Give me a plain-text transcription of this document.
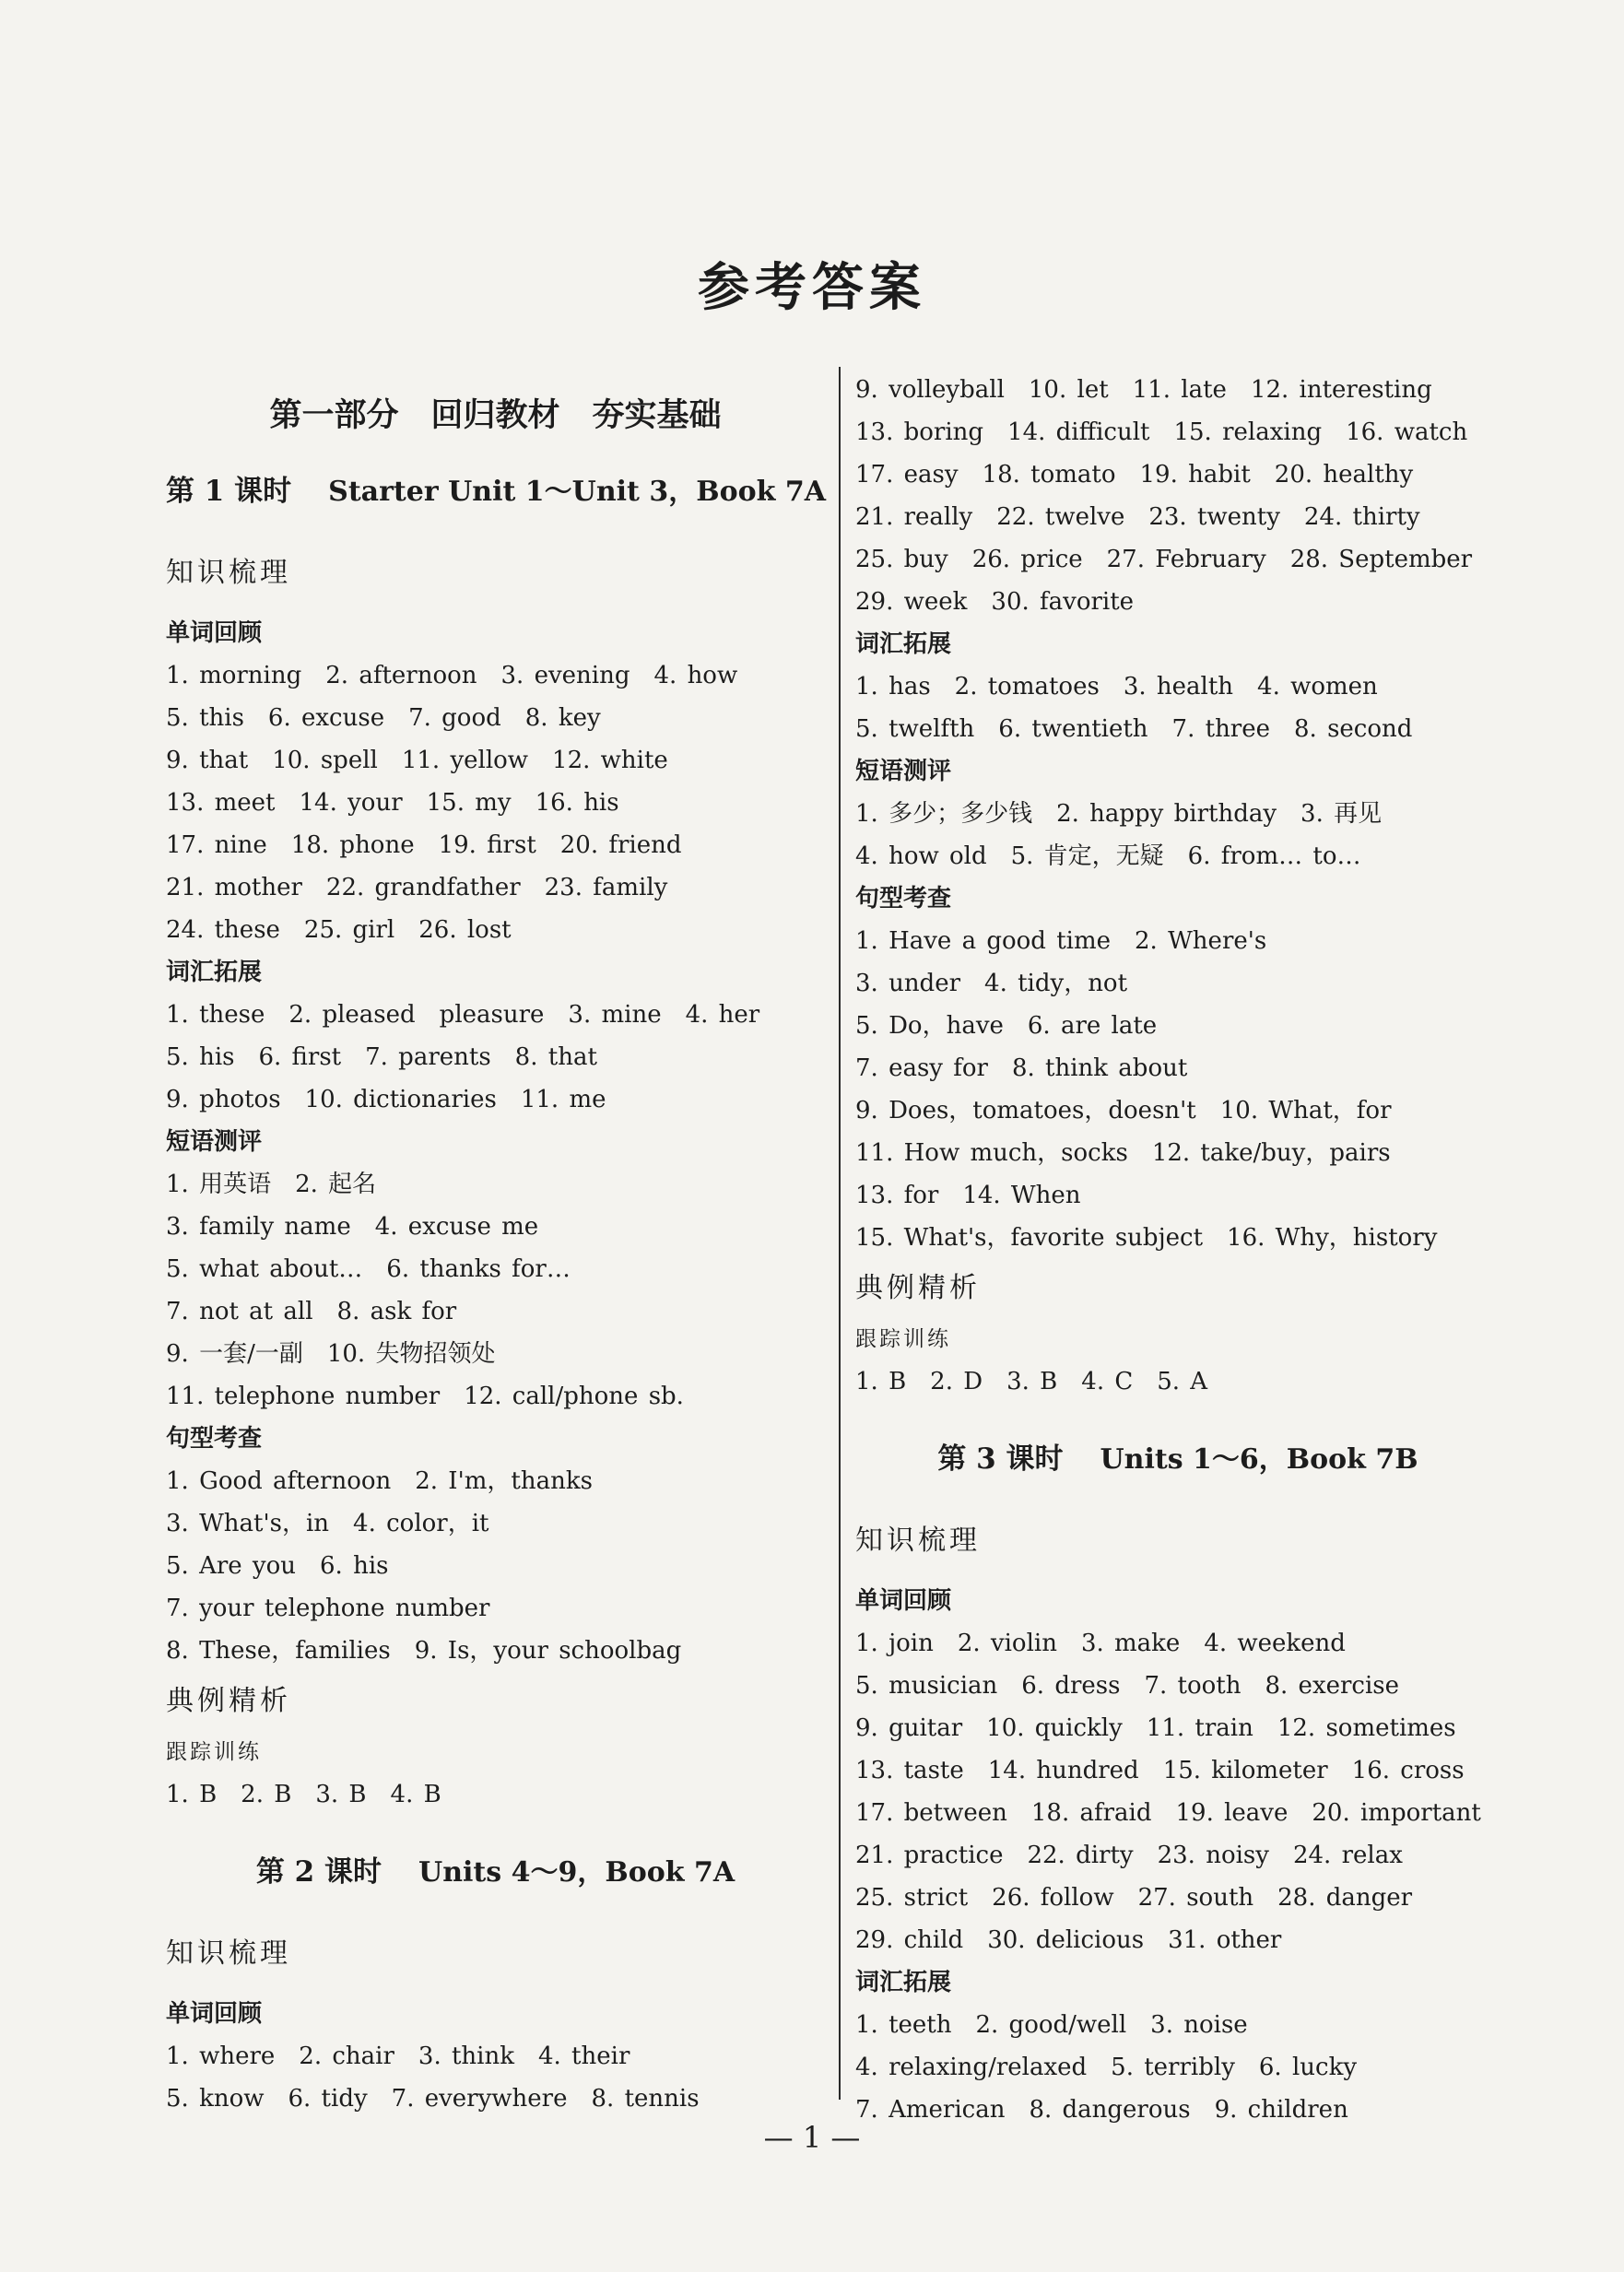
参考答案
第一部分　回归教材　夯实基础
第 1 课时 Starter Unit 1～Unit 3，Book 7A
知识梳理
单词回顾
1. morning　2. afternoon　3. evening　4. how
5. this　6. excuse　7. good　8. key
9. that　10. spell　11. yellow　12. white
13. meet　14. your　15. my　16. his
17. nine　18. phone　19. first　20. friend
21. mother　22. grandfather　23. family
24. these　25. girl　26. lost
词汇拓展
1. these　2. pleased　pleasure　3. mine　4. her
5. his　6. first　7. parents　8. that
9. photos　10. dictionaries　11. me
短语测评
1. 用英语　2. 起名
3. family name　4. excuse me
5. what about…　6. thanks for…
7. not at all　8. ask for
9. 一套/一副　10. 失物招领处
11. telephone number　12. call/phone sb.
句型考查
1. Good afternoon　2. I'm，thanks
3. What's，in　4. color，it
5. Are you　6. his
7. your telephone number
8. These，families　9. Is，your schoolbag
典例精析
跟踪训练
1. B　2. B　3. B　4. B
第 2 课时 Units 4～9，Book 7A
知识梳理
单词回顾
1. where　2. chair　3. think　4. their
5. know　6. tidy　7. everywhere　8. tennis
9. volleyball　10. let　11. late　12. interesting
13. boring　14. difficult　15. relaxing　16. watch
17. easy　18. tomato　19. habit　20. healthy
21. really　22. twelve　23. twenty　24. thirty
25. buy　26. price　27. February　28. September
29. week　30. favorite
词汇拓展
1. has　2. tomatoes　3. health　4. women
5. twelfth　6. twentieth　7. three　8. second
短语测评
1. 多少；多少钱　2. happy birthday　3. 再见
4. how old　5. 肯定，无疑　6. from… to…
句型考查
1. Have a good time　2. Where's
3. under　4. tidy，not
5. Do，have　6. are late
7. easy for　8. think about
9. Does，tomatoes，doesn't　10. What，for
11. How much，socks　12. take/buy，pairs
13. for　14. When
15. What's，favorite subject　16. Why，history
典例精析
跟踪训练
1. B　2. D　3. B　4. C　5. A
第 3 课时 Units 1～6，Book 7B
知识梳理
单词回顾
1. join　2. violin　3. make　4. weekend
5. musician　6. dress　7. tooth　8. exercise
9. guitar　10. quickly　11. train　12. sometimes
13. taste　14. hundred　15. kilometer　16. cross
17. between　18. afraid　19. leave　20. important
21. practice　22. dirty　23. noisy　24. relax
25. strict　26. follow　27. south　28. danger
29. child　30. delicious　31. other
词汇拓展
1. teeth　2. good/well　3. noise
4. relaxing/relaxed　5. terribly　6. lucky
7. American　8. dangerous　9. children
— 1 —
